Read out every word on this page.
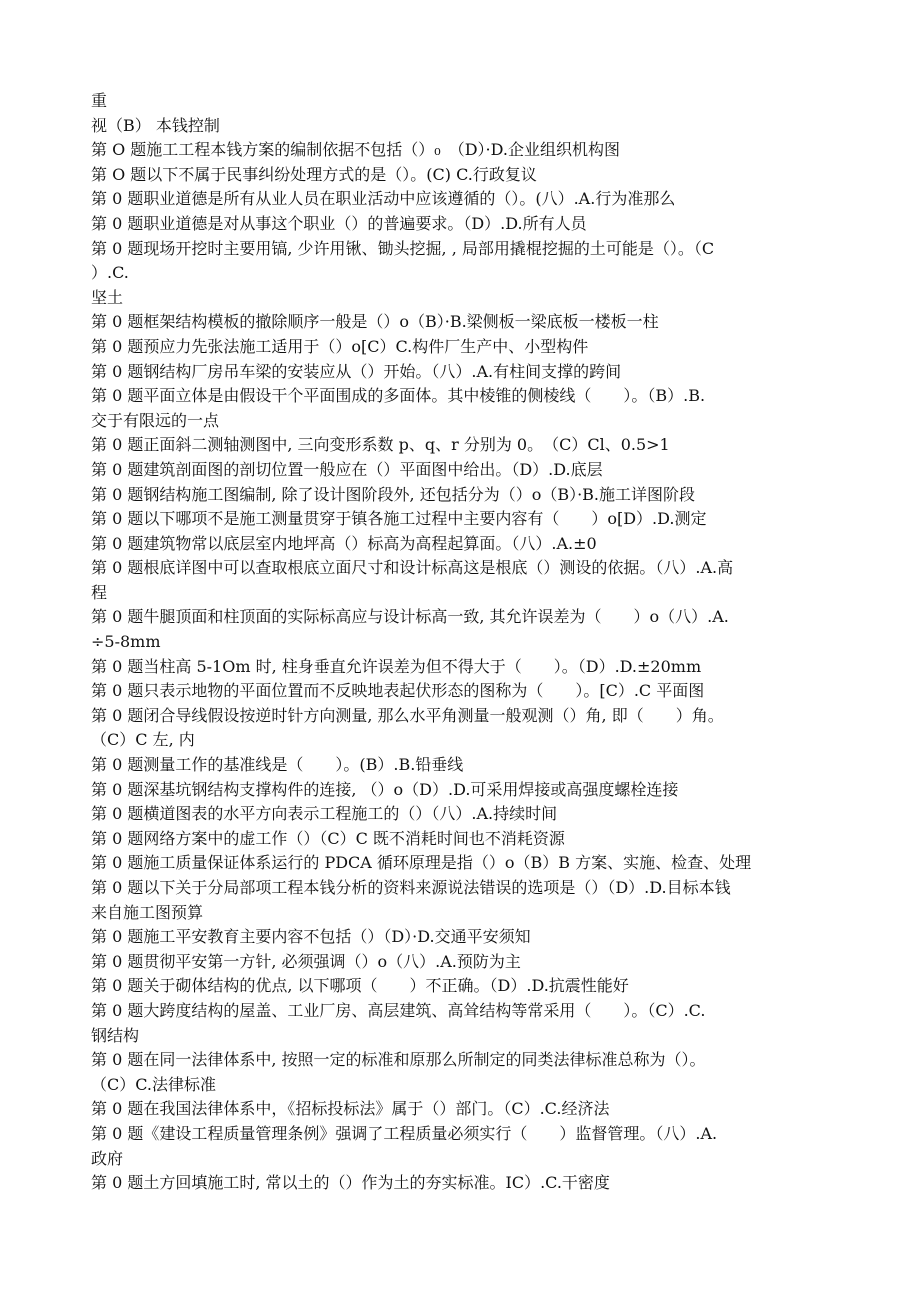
重
视（B） 本钱控制
第 O 题施工工程本钱方案的编制依据不包括（）₀　（D）·D.企业组织机构图
第 O 题以下不属于民事纠纷处理方式的是（）。(C) C.行政复议
第 0 题职业道德是所有从业人员在职业活动中应该遵循的（）。(八）.A.行为准那么
第 0 题职业道德是对从事这个职业（）的普遍要求。（D）.D.所有人员
第 0 题现场开挖时主要用镐, 少许用锹、锄头挖掘, , 局部用撬棍挖掘的土可能是（）。（C
）.C.
坚土
第 0 题框架结构模板的撤除顺序一般是（）o（B）·B.梁侧板一梁底板一楼板一柱
第 0 题预应力先张法施工适用于（）o[C）C.构件厂生产中、小型构件
第 0 题钢结构厂房吊车梁的安装应从（）开始。（八）.A.有柱间支撑的跨间
第 0 题平面立体是由假设干个平面围成的多面体。其中棱锥的侧棱线（　　）。（B）.B.
交于有限远的一点
第 0 题正面斜二测轴测图中, 三向变形系数 p、q、r 分别为 0。　（C）Cl、0.5>1
第 0 题建筑剖面图的剖切位置一般应在（）平面图中给出。（D）.D.底层
第 0 题钢结构施工图编制, 除了设计图阶段外, 还包括分为（）o（B）·B.施工详图阶段
第 0 题以下哪项不是施工测量贯穿于镇各施工过程中主要内容有（　　）o[D）.D.测定
第 0 题建筑物常以底层室内地坪高（）标高为高程起算面。（八）.A.±0
第 0 题根底详图中可以查取根底立面尺寸和设计标高这是根底（）测设的依据。（八）.A.高
程
第 0 题牛腿顶面和柱顶面的实际标高应与设计标高一致, 其允许误差为（　　）o（八）.A.
÷5-8mm
第 0 题当柱高 5-1Om 时, 柱身垂直允许误差为但不得大于（　　）。（D）.D.±20mm
第 0 题只表示地物的平面位置而不反映地表起伏形态的图称为（　　）。[C）.C 平面图
第 0 题闭合导线假设按逆时针方向测量, 那么水平角测量一般观测（）角, 即（　　）角。
（C）C 左, 内
第 0 题测量工作的基准线是（　　）。(B）.B.铅垂线
第 0 题深基坑钢结构支撑构件的连接, （）o（D）.D.可采用焊接或高强度螺栓连接
第 0 题横道图表的水平方向表示工程施工的（）（八）.A.持续时间
第 0 题网络方案中的虚工作（）（C）C 既不消耗时间也不消耗资源
第 0 题施工质量保证体系运行的 PDCA 循环原理是指（）o（B）B 方案、实施、检查、处理
第 0 题以下关于分局部项工程本钱分析的资料来源说法错误的选项是（）（D）.D.目标本钱
来自施工图预算
第 0 题施工平安教育主要内容不包括（）（D）·D.交通平安须知
第 0 题贯彻平安第一方针, 必须强调（）o（八）.A.预防为主
第 0 题关于砌体结构的优点, 以下哪项（　　）不正确。（D）.D.抗震性能好
第 0 题大跨度结构的屋盖、工业厂房、高层建筑、高耸结构等常采用（　　）。（C）.C.
钢结构
第 0 题在同一法律体系中, 按照一定的标准和原那么所制定的同类法律标准总称为（）。
（C）C.法律标准
第 0 题在我国法律体系中，《招标投标法》属于（）部门。（C）.C.经济法
第 0 题《建设工程质量管理条例》强调了工程质量必须实行（　　）监督管理。（八）.A.
政府
第 0 题土方回填施工时, 常以土的（）作为土的夯实标准。IC）.C.干密度
